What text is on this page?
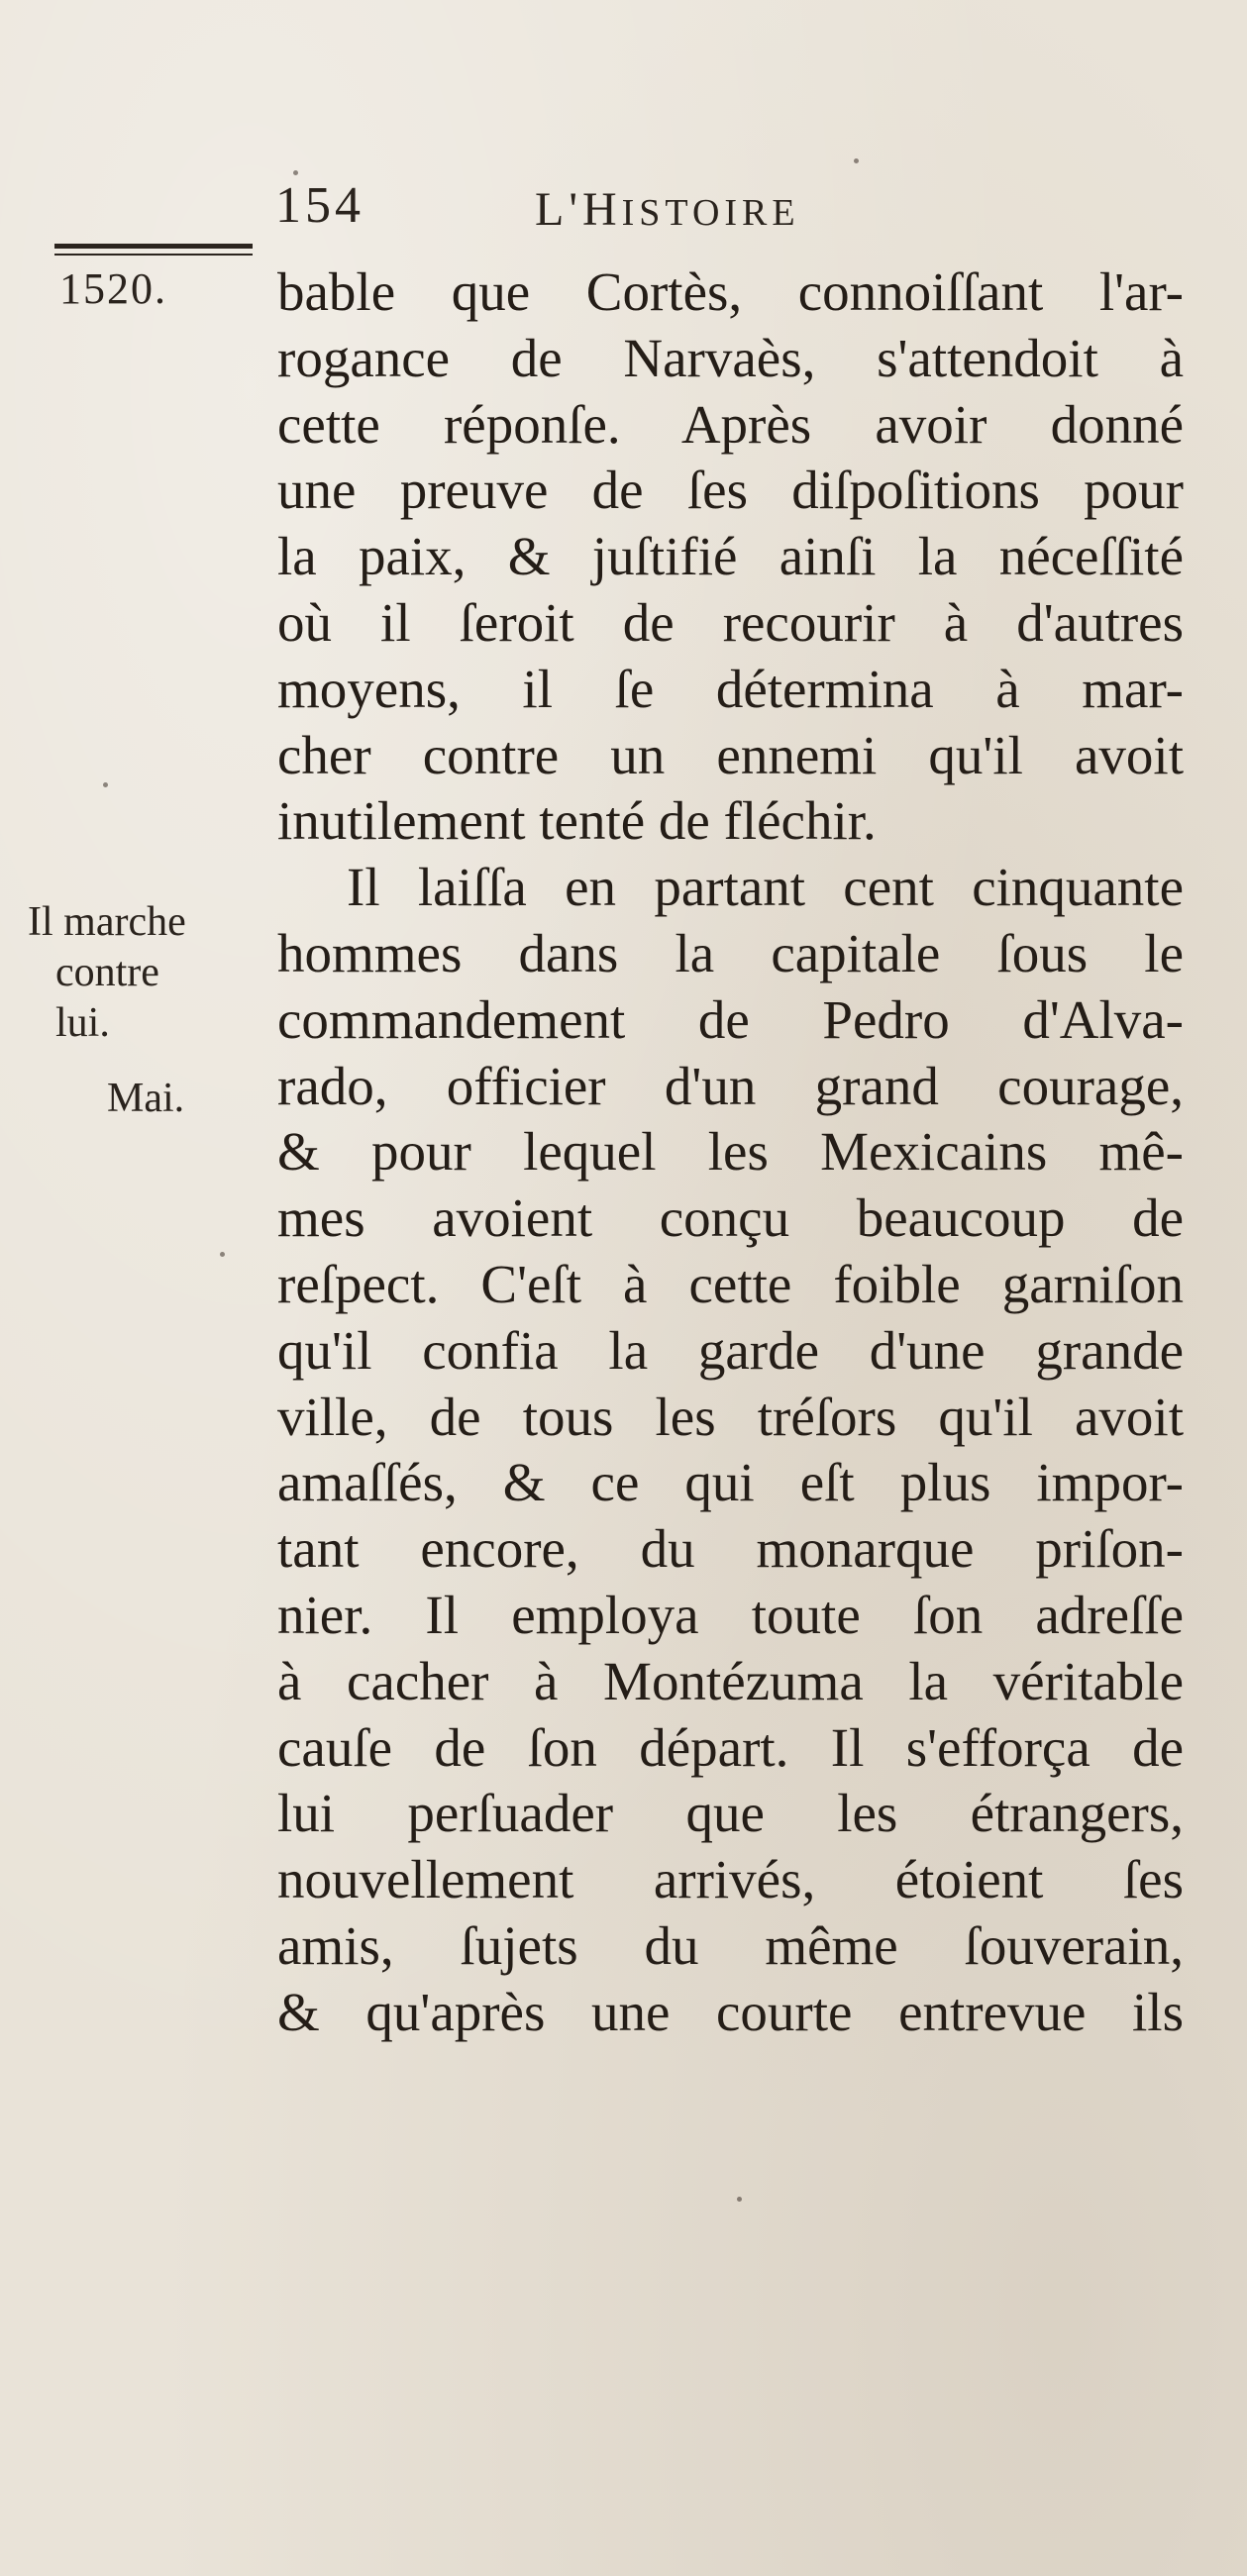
154	L'HISTOIRE
1520.
Il marche
contre
lui.
Mai.
bable que Cortès, connoiſſant l'ar-
rogance de Narvaès, s'attendoit à
cette réponſe. Après avoir donné
une preuve de ſes diſpoſitions pour
la paix, & juſtifié ainſi la néceſſité
où il ſeroit de recourir à d'autres
moyens, il ſe détermina à mar-
cher contre un ennemi qu'il avoit
inutilement tenté de fléchir.
Il laiſſa en partant cent cinquante
hommes dans la capitale ſous le
commandement de Pedro d'Alva-
rado, officier d'un grand courage,
& pour lequel les Mexicains mê-
mes avoient conçu beaucoup de
reſpect. C'eſt à cette foible garniſon
qu'il confia la garde d'une grande
ville, de tous les tréſors qu'il avoit
amaſſés, & ce qui eſt plus impor-
tant encore, du monarque priſon-
nier. Il employa toute ſon adreſſe
à cacher à Montézuma la véritable
cauſe de ſon départ. Il s'efforça de
lui perſuader que les étrangers,
nouvellement arrivés, étoient ſes
amis, ſujets du même ſouverain,
& qu'après une courte entrevue ils
